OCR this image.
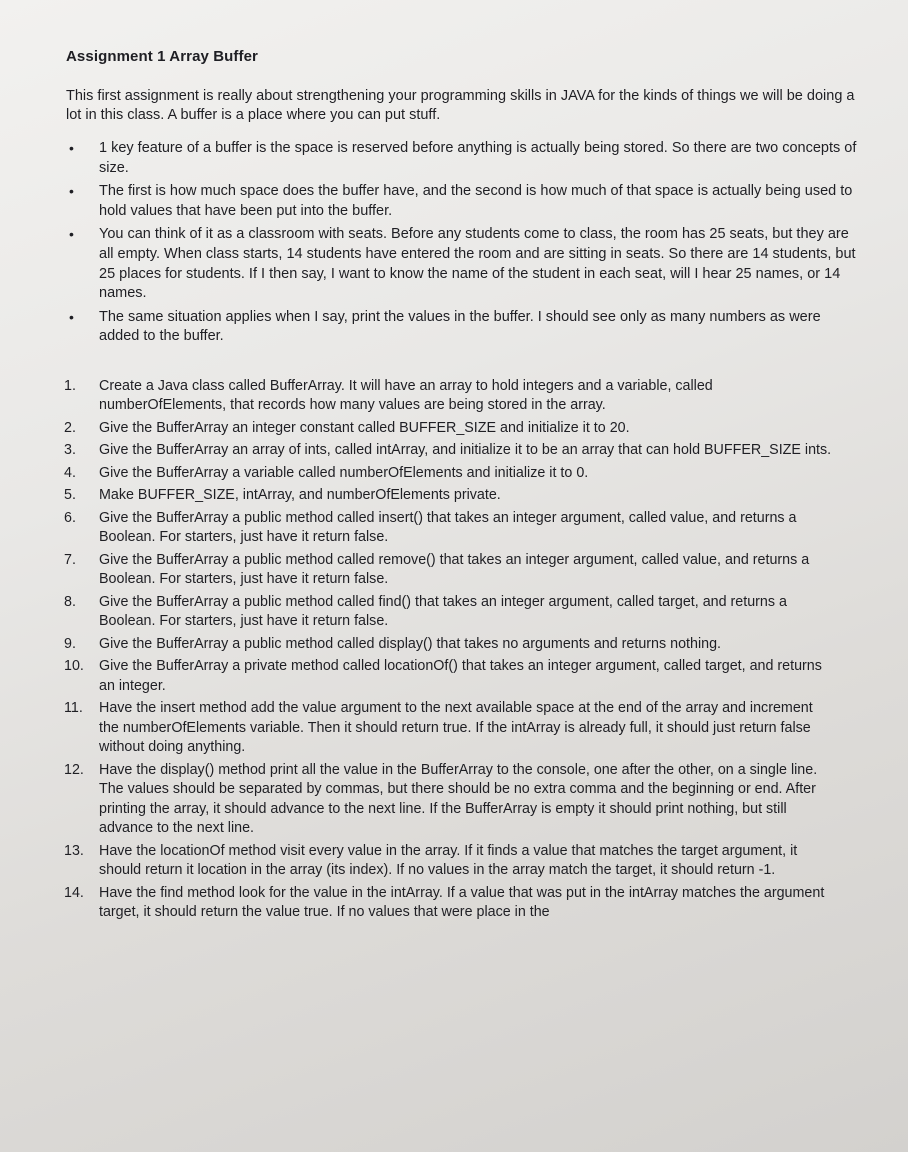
Assignment 1 Array Buffer
This first assignment is really about strengthening your programming skills in JAVA for the kinds of things we will be doing a lot in this class. A buffer is a place where you can put stuff.
• 1 key feature of a buffer is the space is reserved before anything is actually being stored. So there are two concepts of size.
• The first is how much space does the buffer have, and the second is how much of that space is actually being used to hold values that have been put into the buffer.
• You can think of it as a classroom with seats. Before any students come to class, the room has 25 seats, but they are all empty. When class starts, 14 students have entered the room and are sitting in seats. So there are 14 students, but 25 places for students. If I then say, I want to know the name of the student in each seat, will I hear 25 names, or 14 names.
• The same situation applies when I say, print the values in the buffer. I should see only as many numbers as were added to the buffer.
1.	Create a Java class called BufferArray. It will have an array to hold integers and a variable, called numberOfElements, that records how many values are being stored in the array.
2.	Give the BufferArray an integer constant called BUFFER_SIZE and initialize it to 20.
3.	Give the BufferArray an array of ints, called intArray, and initialize it to be an array that can hold BUFFER_SIZE ints.
4.	Give the BufferArray a variable called numberOfElements and initialize it to 0.
5.	Make BUFFER_SIZE, intArray, and numberOfElements private.
6.	Give the BufferArray a public method called insert() that takes an integer argument, called value, and returns a Boolean. For starters, just have it return false.
7.	Give the BufferArray a public method called remove() that takes an integer argument, called value, and returns a Boolean. For starters, just have it return false.
8.	Give the BufferArray a public method called find() that takes an integer argument, called target, and returns a Boolean. For starters, just have it return false.
9.	Give the BufferArray a public method called display() that takes no arguments and returns nothing.
10.	Give the BufferArray a private method called locationOf() that takes an integer argument, called target, and returns an integer.
11.	Have the insert method add the value argument to the next available space at the end of the array and increment the numberOfElements variable. Then it should return true. If the intArray is already full, it should just return false without doing anything.
12.	Have the display() method print all the value in the BufferArray to the console, one after the other, on a single line. The values should be separated by commas, but there should be no extra comma and the beginning or end. After printing the array, it should advance to the next line. If the BufferArray is empty it should print nothing, but still advance to the next line.
13.	Have the locationOf method visit every value in the array. If it finds a value that matches the target argument, it should return it location in the array (its index). If no values in the array match the target, it should return -1.
14.	Have the find method look for the value in the intArray. If a value that was put in the intArray matches the argument target, it should return the value true. If no values that were place in the
